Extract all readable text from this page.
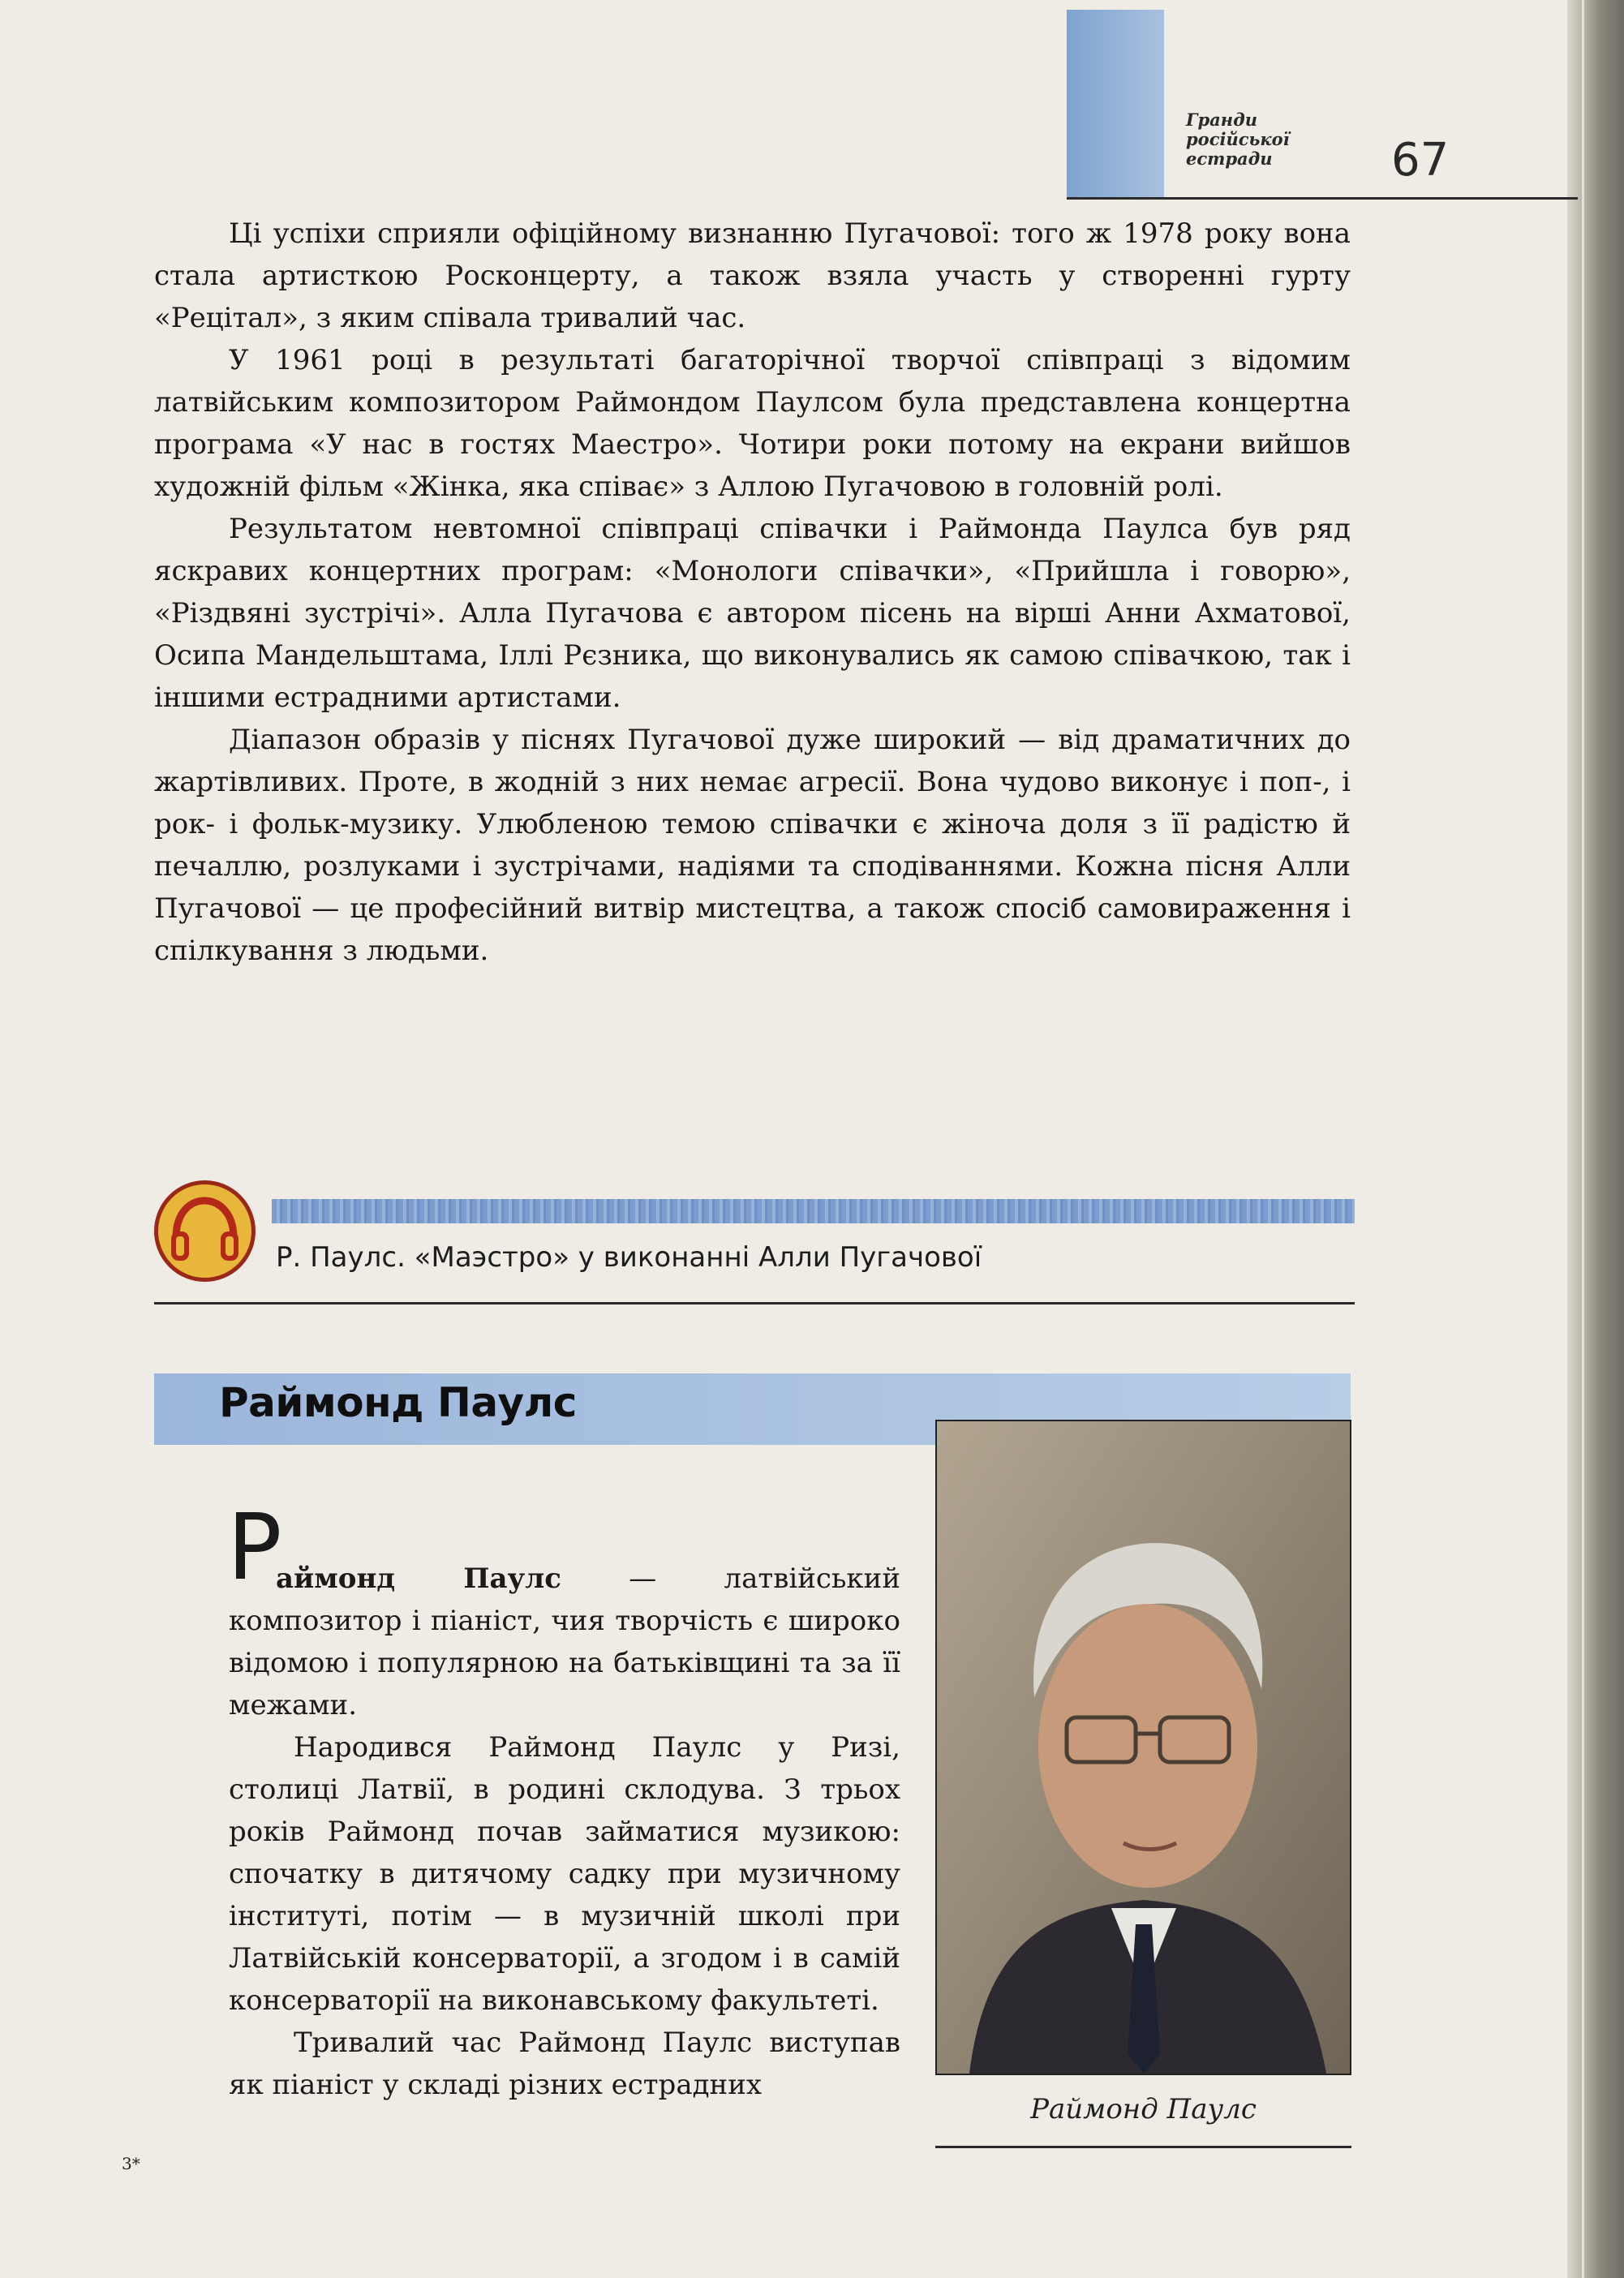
Гранди
російської
естради	67

Ці успіхи сприяли офіційному визнанню Пугачової: того ж 1978 року вона стала артисткою Росконцерту, а також взяла участь у створенні гурту «Рецітал», з яким співала тривалий час.

У 1961 році в результаті багаторічної творчої співпраці з відомим латвійським композитором Раймондом Паулсом була представлена концертна програма «У нас в гостях Маестро». Чотири роки потому на екрани вийшов художній фільм «Жінка, яка співає» з Аллою Пугачовою в головній ролі.

Результатом невтомної співпраці співачки і Раймонда Паулса був ряд яскравих концертних програм: «Монологи співачки», «Прийшла і говорю», «Різдвяні зустрічі». Алла Пугачова є автором пісень на вірші Анни Ахматової, Осипа Мандельштама, Іллі Рєзника, що виконувались як самою співачкою, так і іншими естрадними артистами.

Діапазон образів у піснях Пугачової дуже широкий — від драматичних до жартівливих. Проте, в жодній з них немає агресії. Вона чудово виконує і поп-, і рок- і фольк-музику. Улюбленою темою співачки є жіноча доля з її радістю й печаллю, розлуками і зустрічами, надіями та сподіваннями. Кожна пісня Алли Пугачової — це професійний витвір мистецтва, а також спосіб самовираження і спілкування з людьми.

Р. Паулс. «Маэстро» у виконанні Алли Пугачової
Раймонд Паулс
Р

аймонд Паулс — латвійський композитор і піаніст, чия творчість є широко відомою і популярною на батьківщині та за її межами.

Народився Раймонд Паулс у Ризі, столиці Латвії, в родині склодува. З трьох років Раймонд почав займатися музикою: спочатку в дитячому садку при музичному інституті, потім — в музичній школі при Латвійській консерваторії, а згодом і в самій консерваторії на виконавському факультеті.

Тривалий час Раймонд Паулс виступав як піаніст у складі різних естрадних

Раймонд Паулс
3*
